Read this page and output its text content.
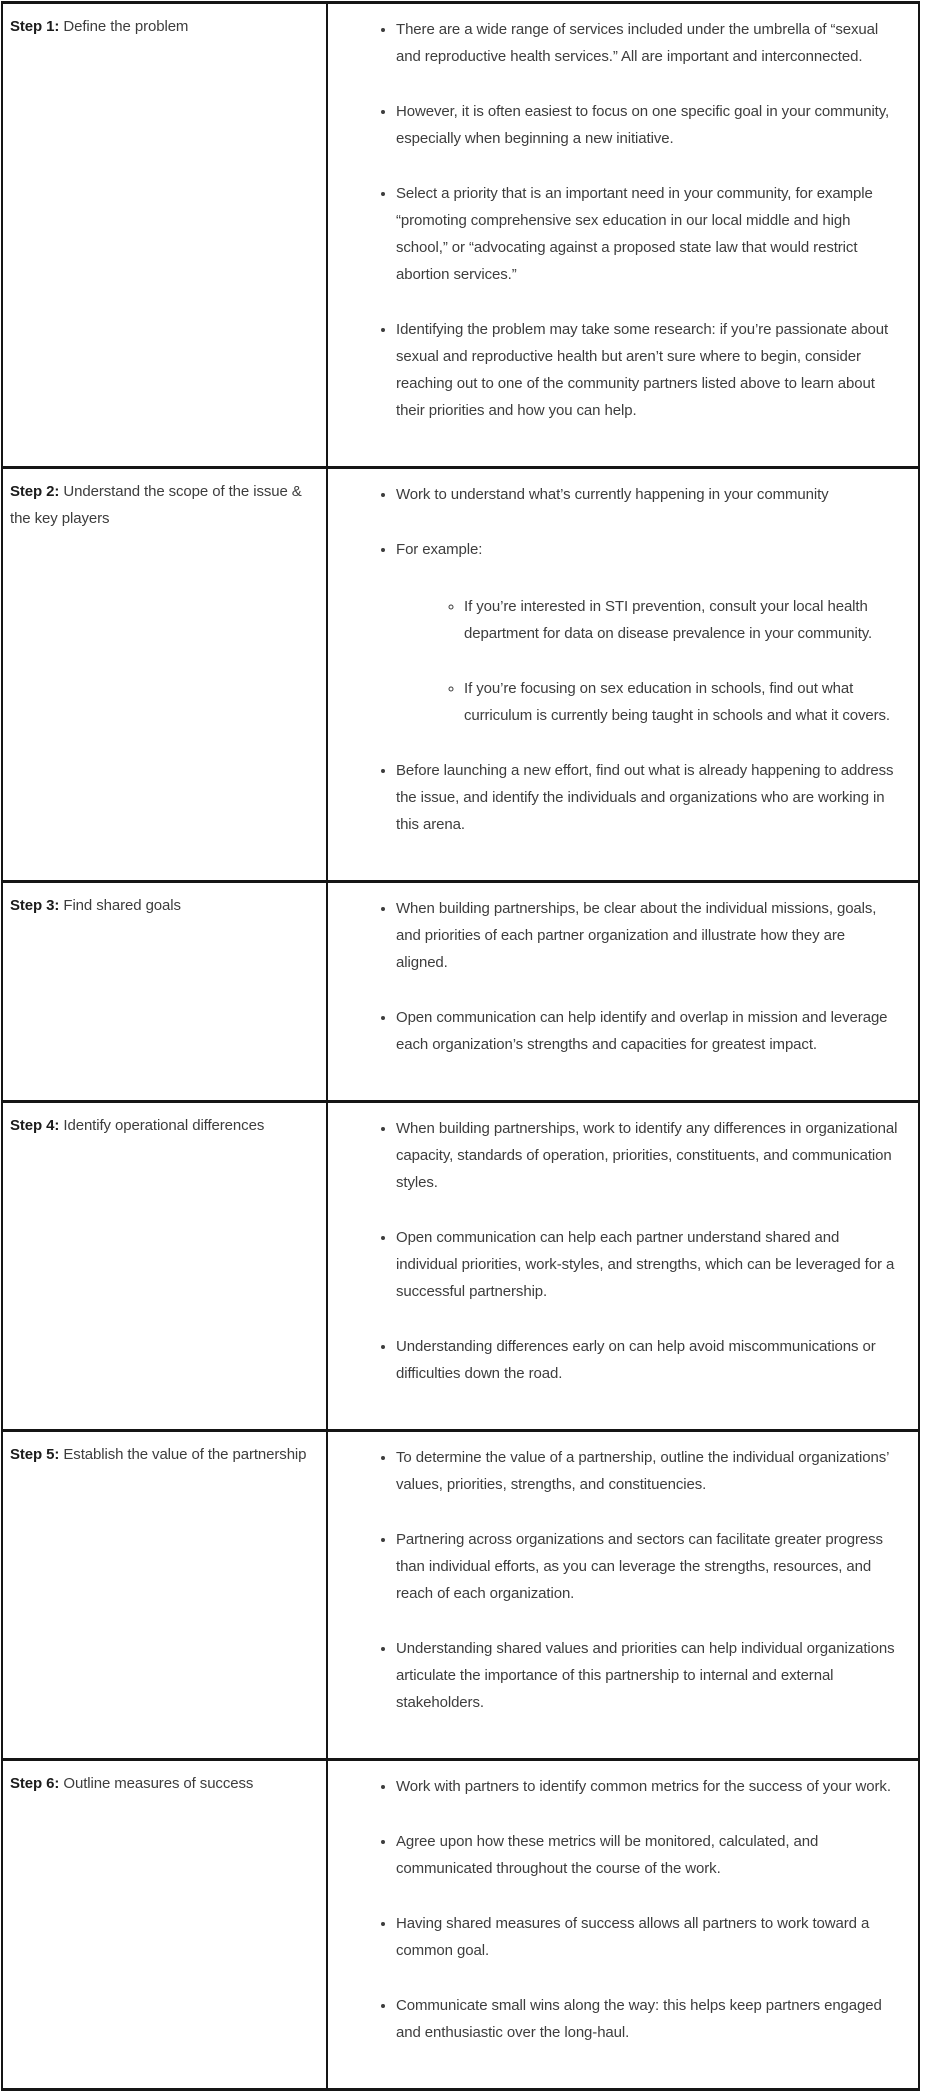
Step 1: Define the problem	
•There are a wide range of services included under the umbrella of “sexual and reproductive health services.” All are important and interconnected.
• However, it is often easiest to focus on one specific goal in your community, especially when beginning a new initiative.
• Select a priority that is an important need in your community, for example “promoting comprehensive sex education in our local middle and high school,” or “advocating against a proposed state law that would restrict abortion services.”
• Identifying the problem may take some research: if you’re passionate about sexual and reproductive health but aren’t sure where to begin, consider reaching out to one of the community partners listed above to learn about their priorities and how you can help.

Step 2: Understand the scope of the issue & the key players	
• Work to understand what’s currently happening in your community
• For example:
◦ If you’re interested in STI prevention, consult your local health department for data on disease prevalence in your community.
◦ If you’re focusing on sex education in schools, find out what curriculum is currently being taught in schools and what it covers.
• Before launching a new effort, find out what is already happening to address the issue, and identify the individuals and organizations who are working in this arena.

Step 3: Find shared goals	
•When building partnerships, be clear about the individual missions, goals, and priorities of each partner organization and illustrate how they are aligned.
• Open communication can help identify and overlap in mission and leverage each organization’s strengths and capacities for greatest impact.

Step 4: Identify operational differences	
•When building partnerships, work to identify any differences in organizational capacity, standards of operation, priorities, constituents, and communication styles.
• Open communication can help each partner understand shared and individual priorities, work-styles, and strengths, which can be leveraged for a successful partnership.
• Understanding differences early on can help avoid miscommunications or difficulties down the road.

Step 5: Establish the value of the partnership	
•To determine the value of a partnership, outline the individual organizations’ values, priorities, strengths, and constituencies.
• Partnering across organizations and sectors can facilitate greater progress than individual efforts, as you can leverage the strengths, resources, and reach of each organization.
• Understanding shared values and priorities can help individual organizations articulate the importance of this partnership to internal and external stakeholders.

Step 6: Outline measures of success	
•Work with partners to identify common metrics for the success of your work.
• Agree upon how these metrics will be monitored, calculated, and communicated throughout the course of the work.
• Having shared measures of success allows all partners to work toward a common goal.
• Communicate small wins along the way: this helps keep partners engaged and enthusiastic over the long-haul.
